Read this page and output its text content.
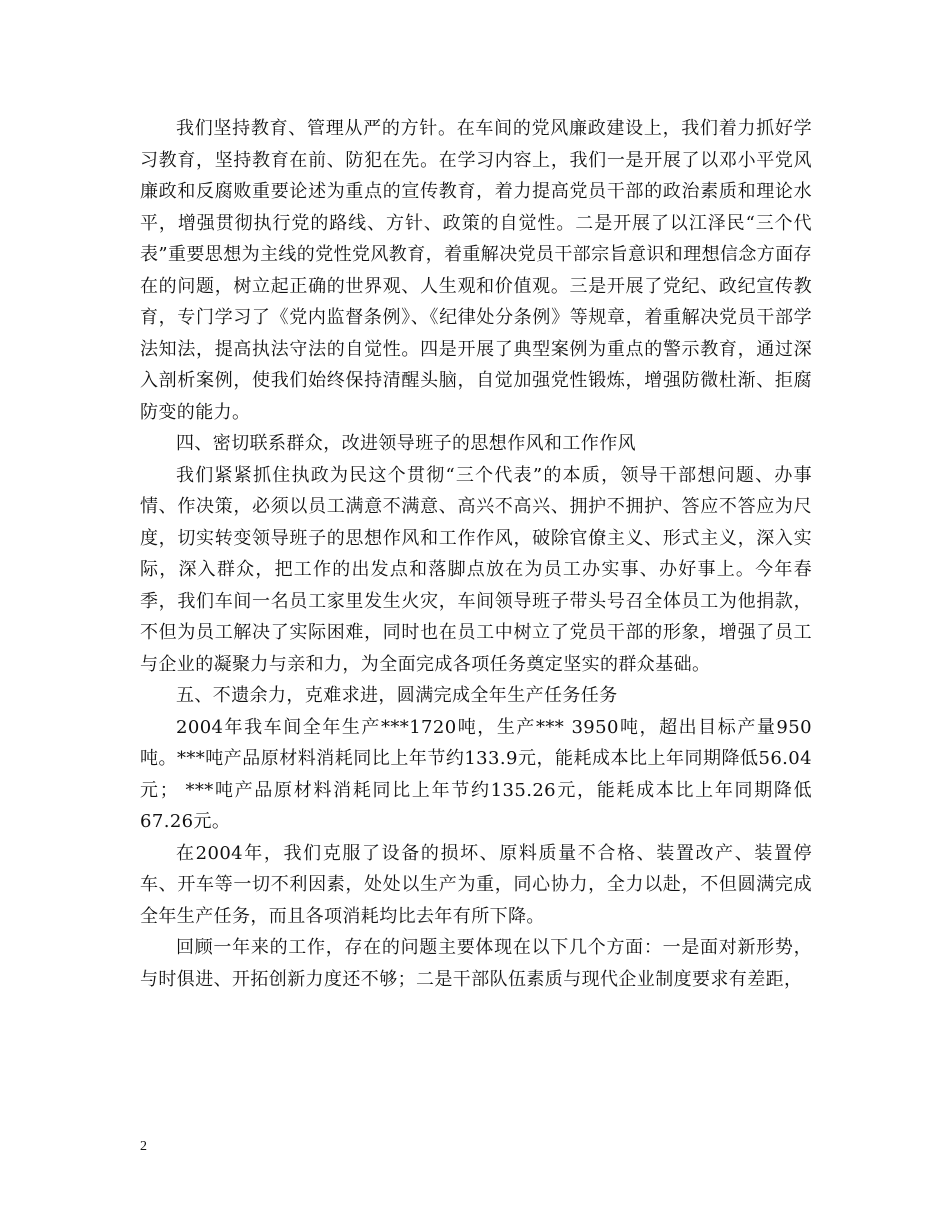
我们坚持教育、管理从严的方针。在车间的党风廉政建设上，我们着力抓好学习教育，坚持教育在前、防犯在先。在学习内容上，我们一是开展了以邓小平党风廉政和反腐败重要论述为重点的宣传教育，着力提高党员干部的政治素质和理论水平，增强贯彻执行党的路线、方针、政策的自觉性。二是开展了以江泽民“三个代表”重要思想为主线的党性党风教育，着重解决党员干部宗旨意识和理想信念方面存在的问题，树立起正确的世界观、人生观和价值观。三是开展了党纪、政纪宣传教育，专门学习了《党内监督条例》、《纪律处分条例》等规章，着重解决党员干部学法知法，提高执法守法的自觉性。四是开展了典型案例为重点的警示教育，通过深入剖析案例，使我们始终保持清醒头脑，自觉加强党性锻炼，增强防微杜渐、拒腐防变的能力。

四、密切联系群众，改进领导班子的思想作风和工作作风

我们紧紧抓住执政为民这个贯彻“三个代表”的本质，领导干部想问题、办事情、作决策，必须以员工满意不满意、高兴不高兴、拥护不拥护、答应不答应为尺度，切实转变领导班子的思想作风和工作作风，破除官僚主义、形式主义，深入实际，深入群众，把工作的出发点和落脚点放在为员工办实事、办好事上。今年春季，我们车间一名员工家里发生火灾，车间领导班子带头号召全体员工为他捐款，不但为员工解决了实际困难，同时也在员工中树立了党员干部的形象，增强了员工与企业的凝聚力与亲和力，为全面完成各项任务奠定坚实的群众基础。

五、不遗余力，克难求进，圆满完成全年生产任务任务

2004年我车间全年生产***1720吨，生产*** 3950吨，超出目标产量950吨。***吨产品原材料消耗同比上年节约133.9元，能耗成本比上年同期降低56.04元； ***吨产品原材料消耗同比上年节约135.26元，能耗成本比上年同期降低67.26元。

在2004年，我们克服了设备的损坏、原料质量不合格、装置改产、装置停车、开车等一切不利因素，处处以生产为重，同心协力，全力以赴，不但圆满完成全年生产任务，而且各项消耗均比去年有所下降。

回顾一年来的工作，存在的问题主要体现在以下几个方面：一是面对新形势，与时俱进、开拓创新力度还不够；二是干部队伍素质与现代企业制度要求有差距，

2
